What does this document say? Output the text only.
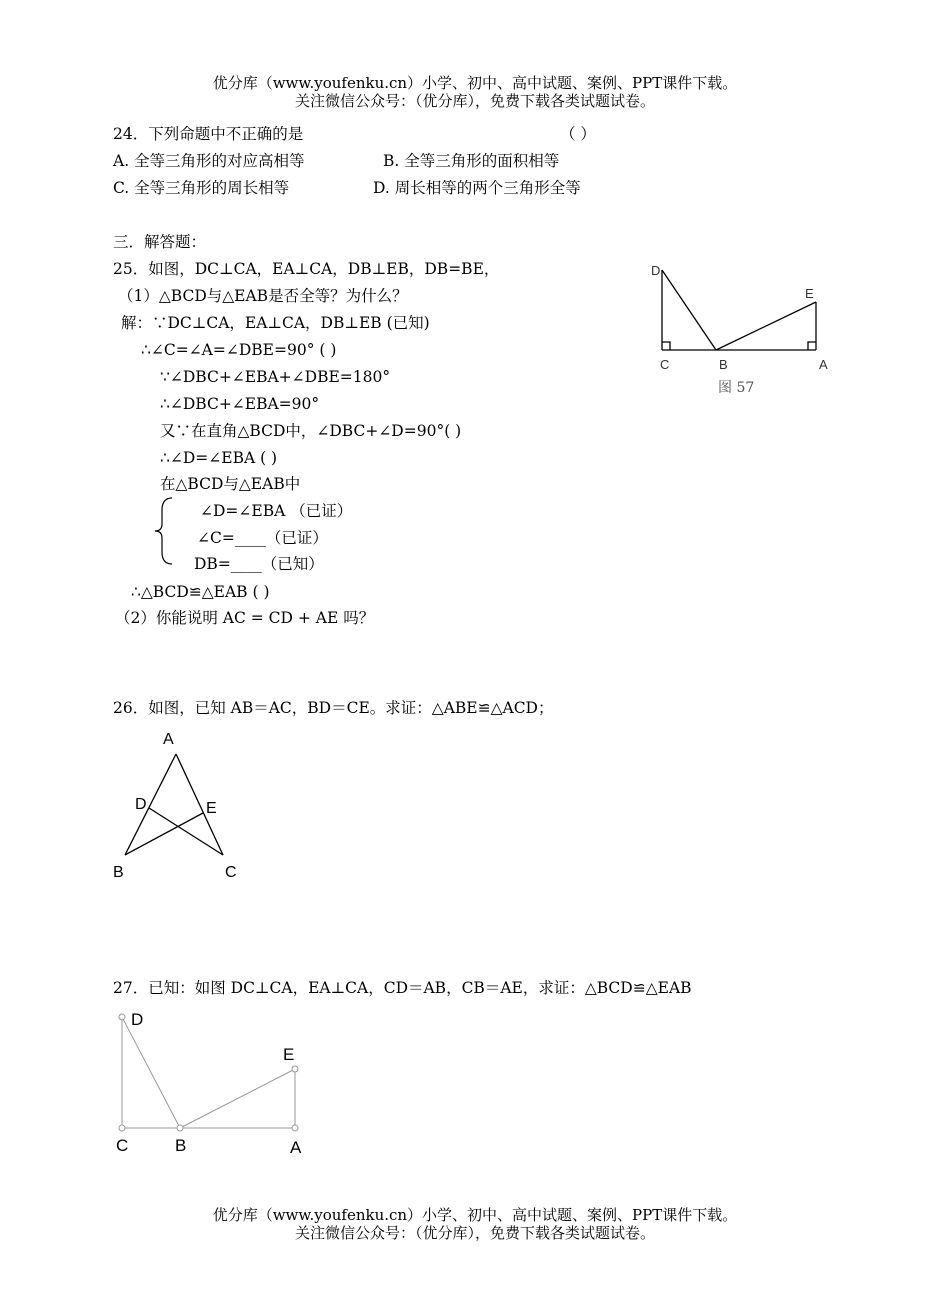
优分库（www.youfenku.cn）小学、初中、高中试题、案例、PPT课件下载。
关注微信公众号：（优分库），免费下载各类试题试卷。
24．下列命题中不正确的是	（ ）
A. 全等三角形的对应高相等	B. 全等三角形的面积相等
C. 全等三角形的周长相等	D. 周长相等的两个三角形全等
三．解答题：
25．如图，DC⊥CA，EA⊥CA，DB⊥EB，DB=BE，
（1）△BCD与△EAB是否全等？为什么？
解：∵DC⊥CA，EA⊥CA，DB⊥EB (已知)
∴∠C=∠A=∠DBE=90° ( )
∵∠DBC+∠EBA+∠DBE=180°
∴∠DBC+∠EBA=90°
又∵在直角△BCD中，∠DBC+∠D=90°( )
∴∠D=∠EBA ( )
在△BCD与△EAB中
∠D=∠EBA （已证）
∠C=____（已证）
DB=____（已知）
∴△BCD≌△EAB ( )
（2）你能说明 AC = CD + AE 吗？
D
E
C	B	A
图 57
26．如图，已知 AB＝AC，BD＝CE。求证：△ABE≌△ACD；
A
D	E
B	C
27．已知：如图 DC⊥CA，EA⊥CA，CD＝AB，CB＝AE，求证：△BCD≌△EAB
D
E
C	B	A
优分库（www.youfenku.cn）小学、初中、高中试题、案例、PPT课件下载。
关注微信公众号：（优分库），免费下载各类试题试卷。
